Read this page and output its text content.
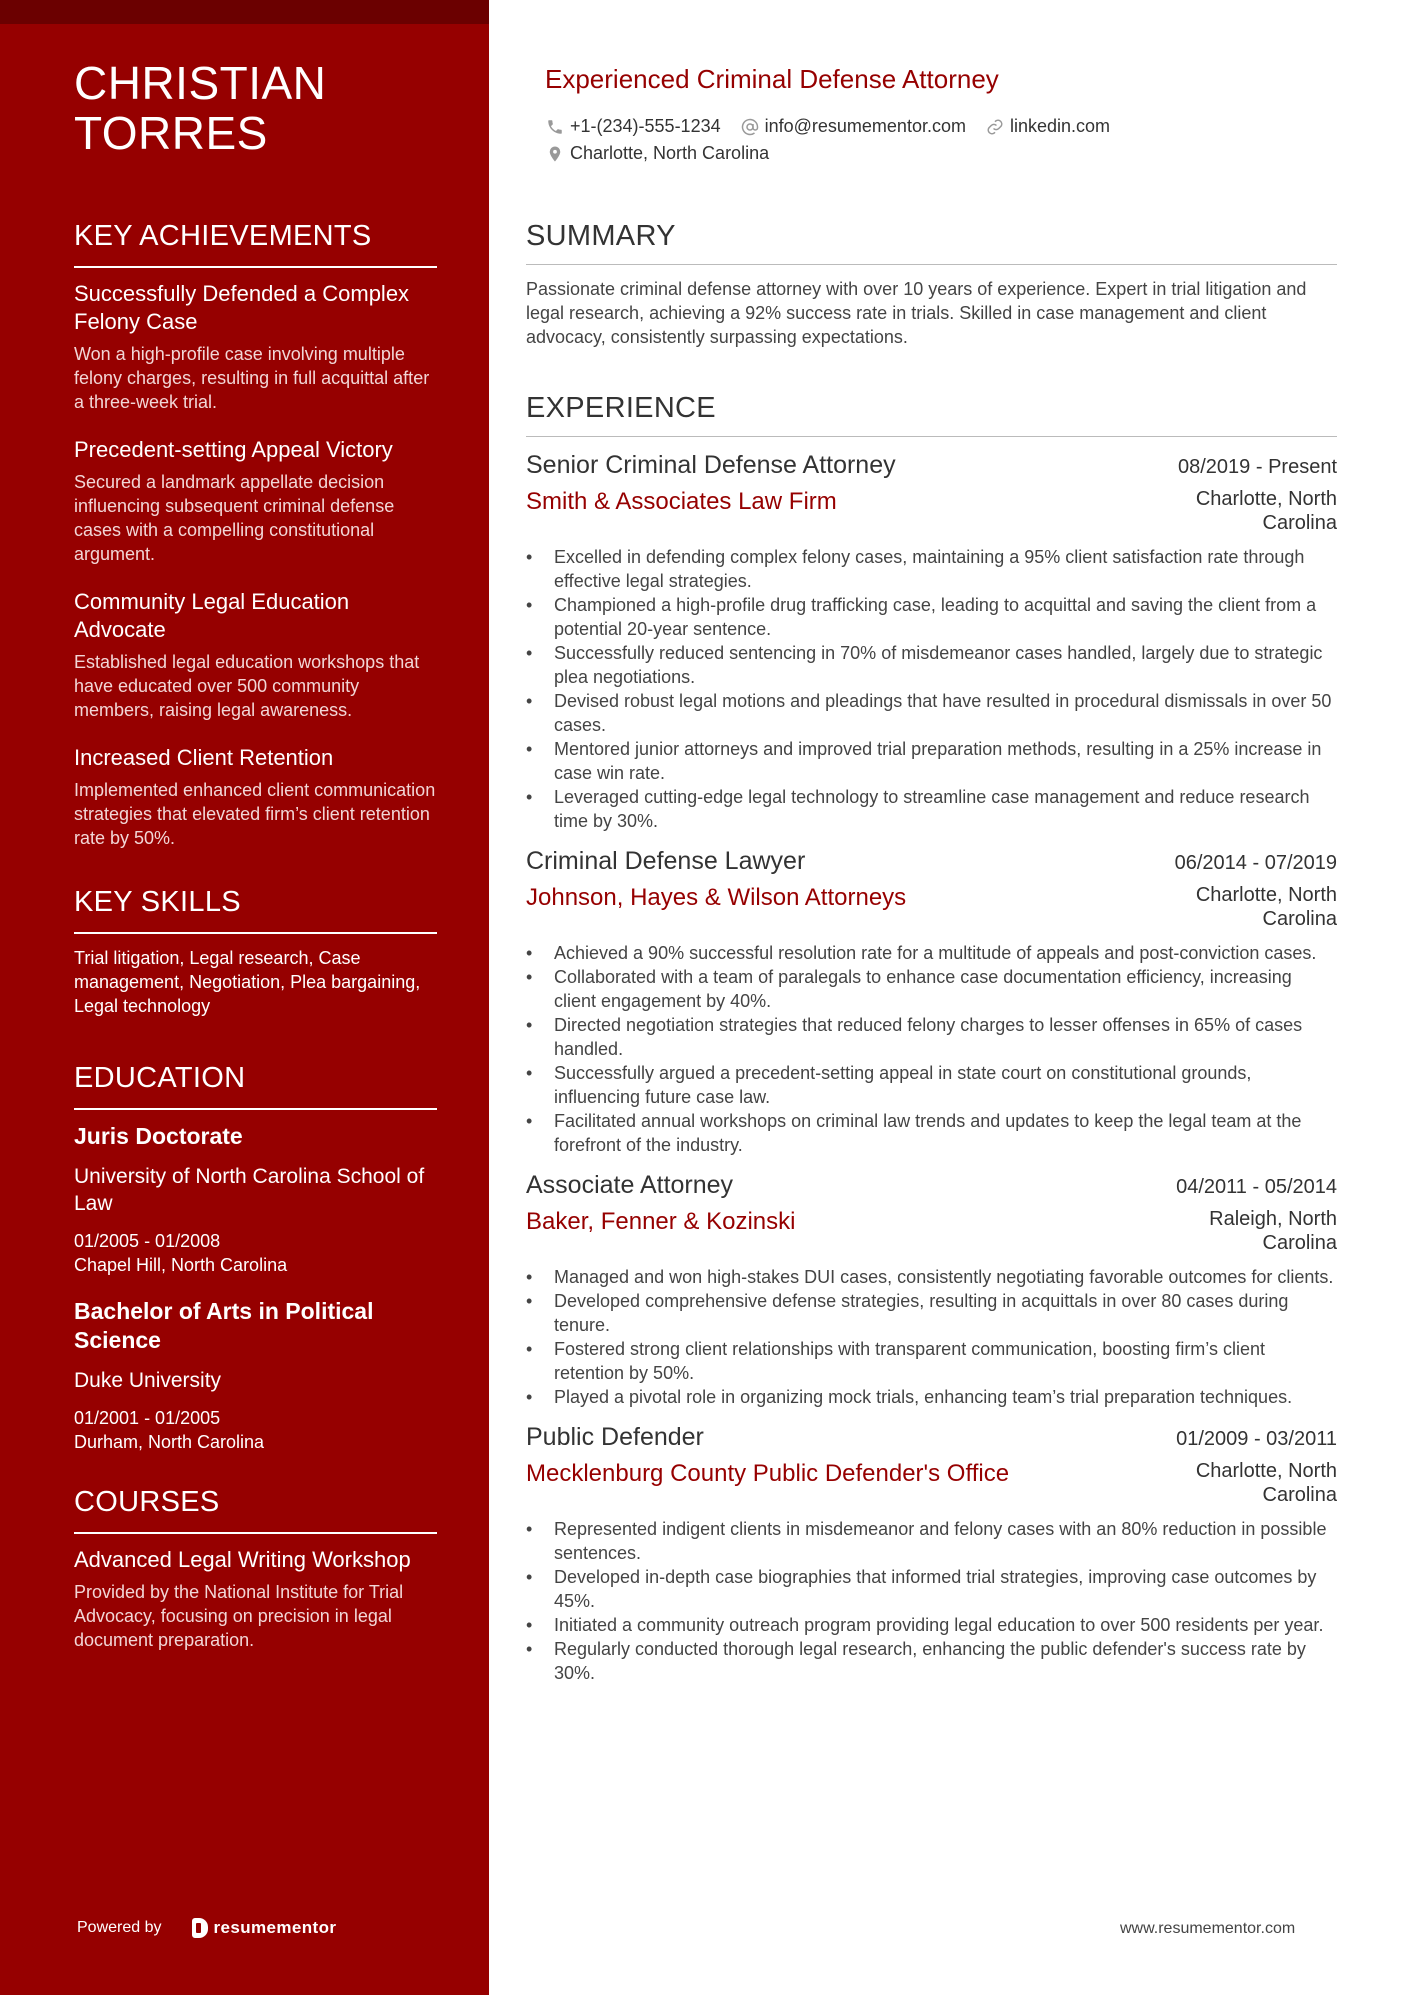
CHRISTIAN
TORRES
KEY ACHIEVEMENTS
Successfully Defended a Complex Felony Case
Won a high-profile case involving multiple felony charges, resulting in full acquittal after a three-week trial.
Precedent-setting Appeal Victory
Secured a landmark appellate decision influencing subsequent criminal defense cases with a compelling constitutional argument.
Community Legal Education Advocate
Established legal education workshops that have educated over 500 community members, raising legal awareness.
Increased Client Retention
Implemented enhanced client communication strategies that elevated firm’s client retention rate by 50%.
KEY SKILLS
Trial litigation, Legal research, Case management, Negotiation, Plea bargaining, Legal technology
EDUCATION
Juris Doctorate
University of North Carolina School of Law
01/2005 - 01/2008
Chapel Hill, North Carolina
Bachelor of Arts in Political Science
Duke University
01/2001 - 01/2005
Durham, North Carolina
COURSES
Advanced Legal Writing Workshop
Provided by the National Institute for Trial Advocacy, focusing on precision in legal document preparation.
Powered by	resumementor
Experienced Criminal Defense Attorney
+1-(234)-555-1234 info@resumementor.com linkedin.com
Charlotte, North Carolina
SUMMARY
Passionate criminal defense attorney with over 10 years of experience. Expert in trial litigation and legal research, achieving a 92% success rate in trials. Skilled in case management and client advocacy, consistently surpassing expectations.
EXPERIENCE
Senior Criminal Defense Attorney	08/2019 - Present
Smith & Associates Law Firm	Charlotte, North Carolina
• Excelled in defending complex felony cases, maintaining a 95% client satisfaction rate through effective legal strategies.
• Championed a high-profile drug trafficking case, leading to acquittal and saving the client from a potential 20-year sentence.
• Successfully reduced sentencing in 70% of misdemeanor cases handled, largely due to strategic plea negotiations.
• Devised robust legal motions and pleadings that have resulted in procedural dismissals in over 50 cases.
• Mentored junior attorneys and improved trial preparation methods, resulting in a 25% increase in case win rate.
• Leveraged cutting-edge legal technology to streamline case management and reduce research time by 30%.
Criminal Defense Lawyer	06/2014 - 07/2019
Johnson, Hayes & Wilson Attorneys	Charlotte, North Carolina
• Achieved a 90% successful resolution rate for a multitude of appeals and post-conviction cases.
• Collaborated with a team of paralegals to enhance case documentation efficiency, increasing client engagement by 40%.
• Directed negotiation strategies that reduced felony charges to lesser offenses in 65% of cases handled.
• Successfully argued a precedent-setting appeal in state court on constitutional grounds, influencing future case law.
• Facilitated annual workshops on criminal law trends and updates to keep the legal team at the forefront of the industry.
Associate Attorney	04/2011 - 05/2014
Baker, Fenner & Kozinski	Raleigh, North Carolina
• Managed and won high-stakes DUI cases, consistently negotiating favorable outcomes for clients.
• Developed comprehensive defense strategies, resulting in acquittals in over 80 cases during tenure.
• Fostered strong client relationships with transparent communication, boosting firm’s client retention by 50%.
• Played a pivotal role in organizing mock trials, enhancing team’s trial preparation techniques.
Public Defender	01/2009 - 03/2011
Mecklenburg County Public Defender's Office	Charlotte, North Carolina
• Represented indigent clients in misdemeanor and felony cases with an 80% reduction in possible sentences.
• Developed in-depth case biographies that informed trial strategies, improving case outcomes by 45%.
• Initiated a community outreach program providing legal education to over 500 residents per year.
• Regularly conducted thorough legal research, enhancing the public defender's success rate by 30%.
www.resumementor.com
